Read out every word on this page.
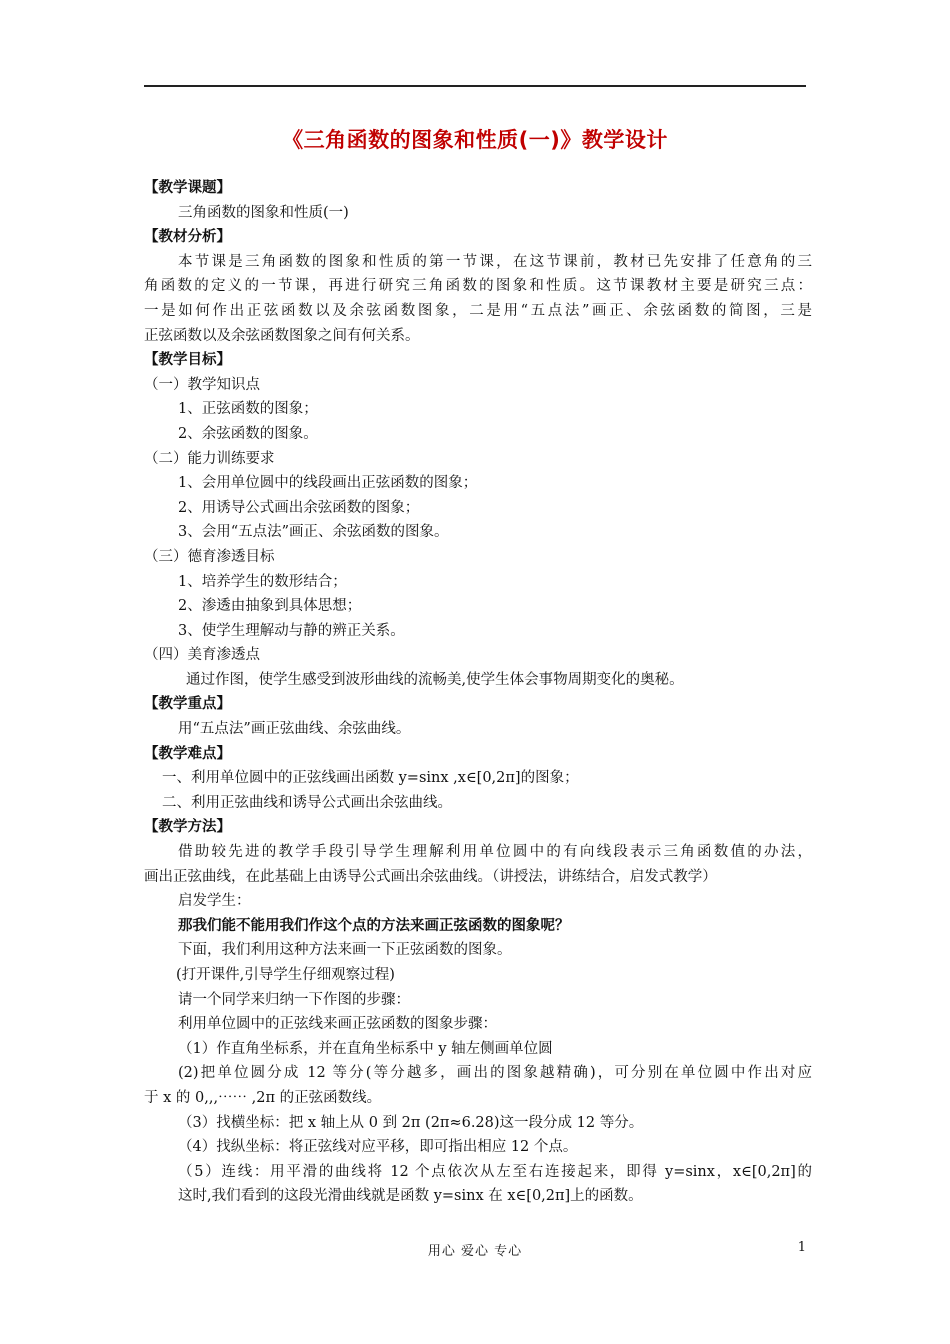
《三角函数的图象和性质(一)》教学设计
【教学课题】
三角函数的图象和性质(一)
【教材分析】
本节课是三角函数的图象和性质的第一节课，在这节课前，教材已先安排了任意角的三
角函数的定义的一节课，再进行研究三角函数的图象和性质。这节课教材主要是研究三点：
一是如何作出正弦函数以及余弦函数图象，二是用“五点法”画正、余弦函数的简图，三是
正弦函数以及余弦函数图象之间有何关系。
【教学目标】
（一）教学知识点
1、正弦函数的图象；
2、余弦函数的图象。
（二）能力训练要求
1、会用单位圆中的线段画出正弦函数的图象；
2、用诱导公式画出余弦函数的图象；
3、会用“五点法”画正、余弦函数的图象。
（三）德育渗透目标
1、培养学生的数形结合；
2、渗透由抽象到具体思想；
3、使学生理解动与静的辨正关系。
（四）美育渗透点
通过作图，使学生感受到波形曲线的流畅美,使学生体会事物周期变化的奥秘。
【教学重点】
用“五点法”画正弦曲线、余弦曲线。
【教学难点】
一、利用单位圆中的正弦线画出函数 y=sinx ,x∈[0,2π]的图象；
二、利用正弦曲线和诱导公式画出余弦曲线。
【教学方法】
借助较先进的教学手段引导学生理解利用单位圆中的有向线段表示三角函数值的办法，
画出正弦曲线，在此基础上由诱导公式画出余弦曲线。（讲授法，讲练结合，启发式教学）
启发学生：
那我们能不能用我们作这个点的方法来画正弦函数的图象呢？
下面，我们利用这种方法来画一下正弦函数的图象。
(打开课件,引导学生仔细观察过程)
请一个同学来归纳一下作图的步骤：
利用单位圆中的正弦线来画正弦函数的图象步骤：
（1）作直角坐标系，并在直角坐标系中 y 轴左侧画单位圆
(2)把单位圆分成 12 等分(等分越多，画出的图象越精确)，可分别在单位圆中作出对应
于 x 的 0,,,⋯⋯ ,2π 的正弦函数线。
（3）找横坐标：把 x 轴上从 0 到 2π (2π≈6.28)这一段分成 12 等分。
（4）找纵坐标：将正弦线对应平移，即可指出相应 12 个点。
（5）连线：用平滑的曲线将 12 个点依次从左至右连接起来，即得 y=sinx，x∈[0,2π]的
这时,我们看到的这段光滑曲线就是函数 y=sinx 在 x∈[0,2π]上的函数。
用心 爱心 专心	1
